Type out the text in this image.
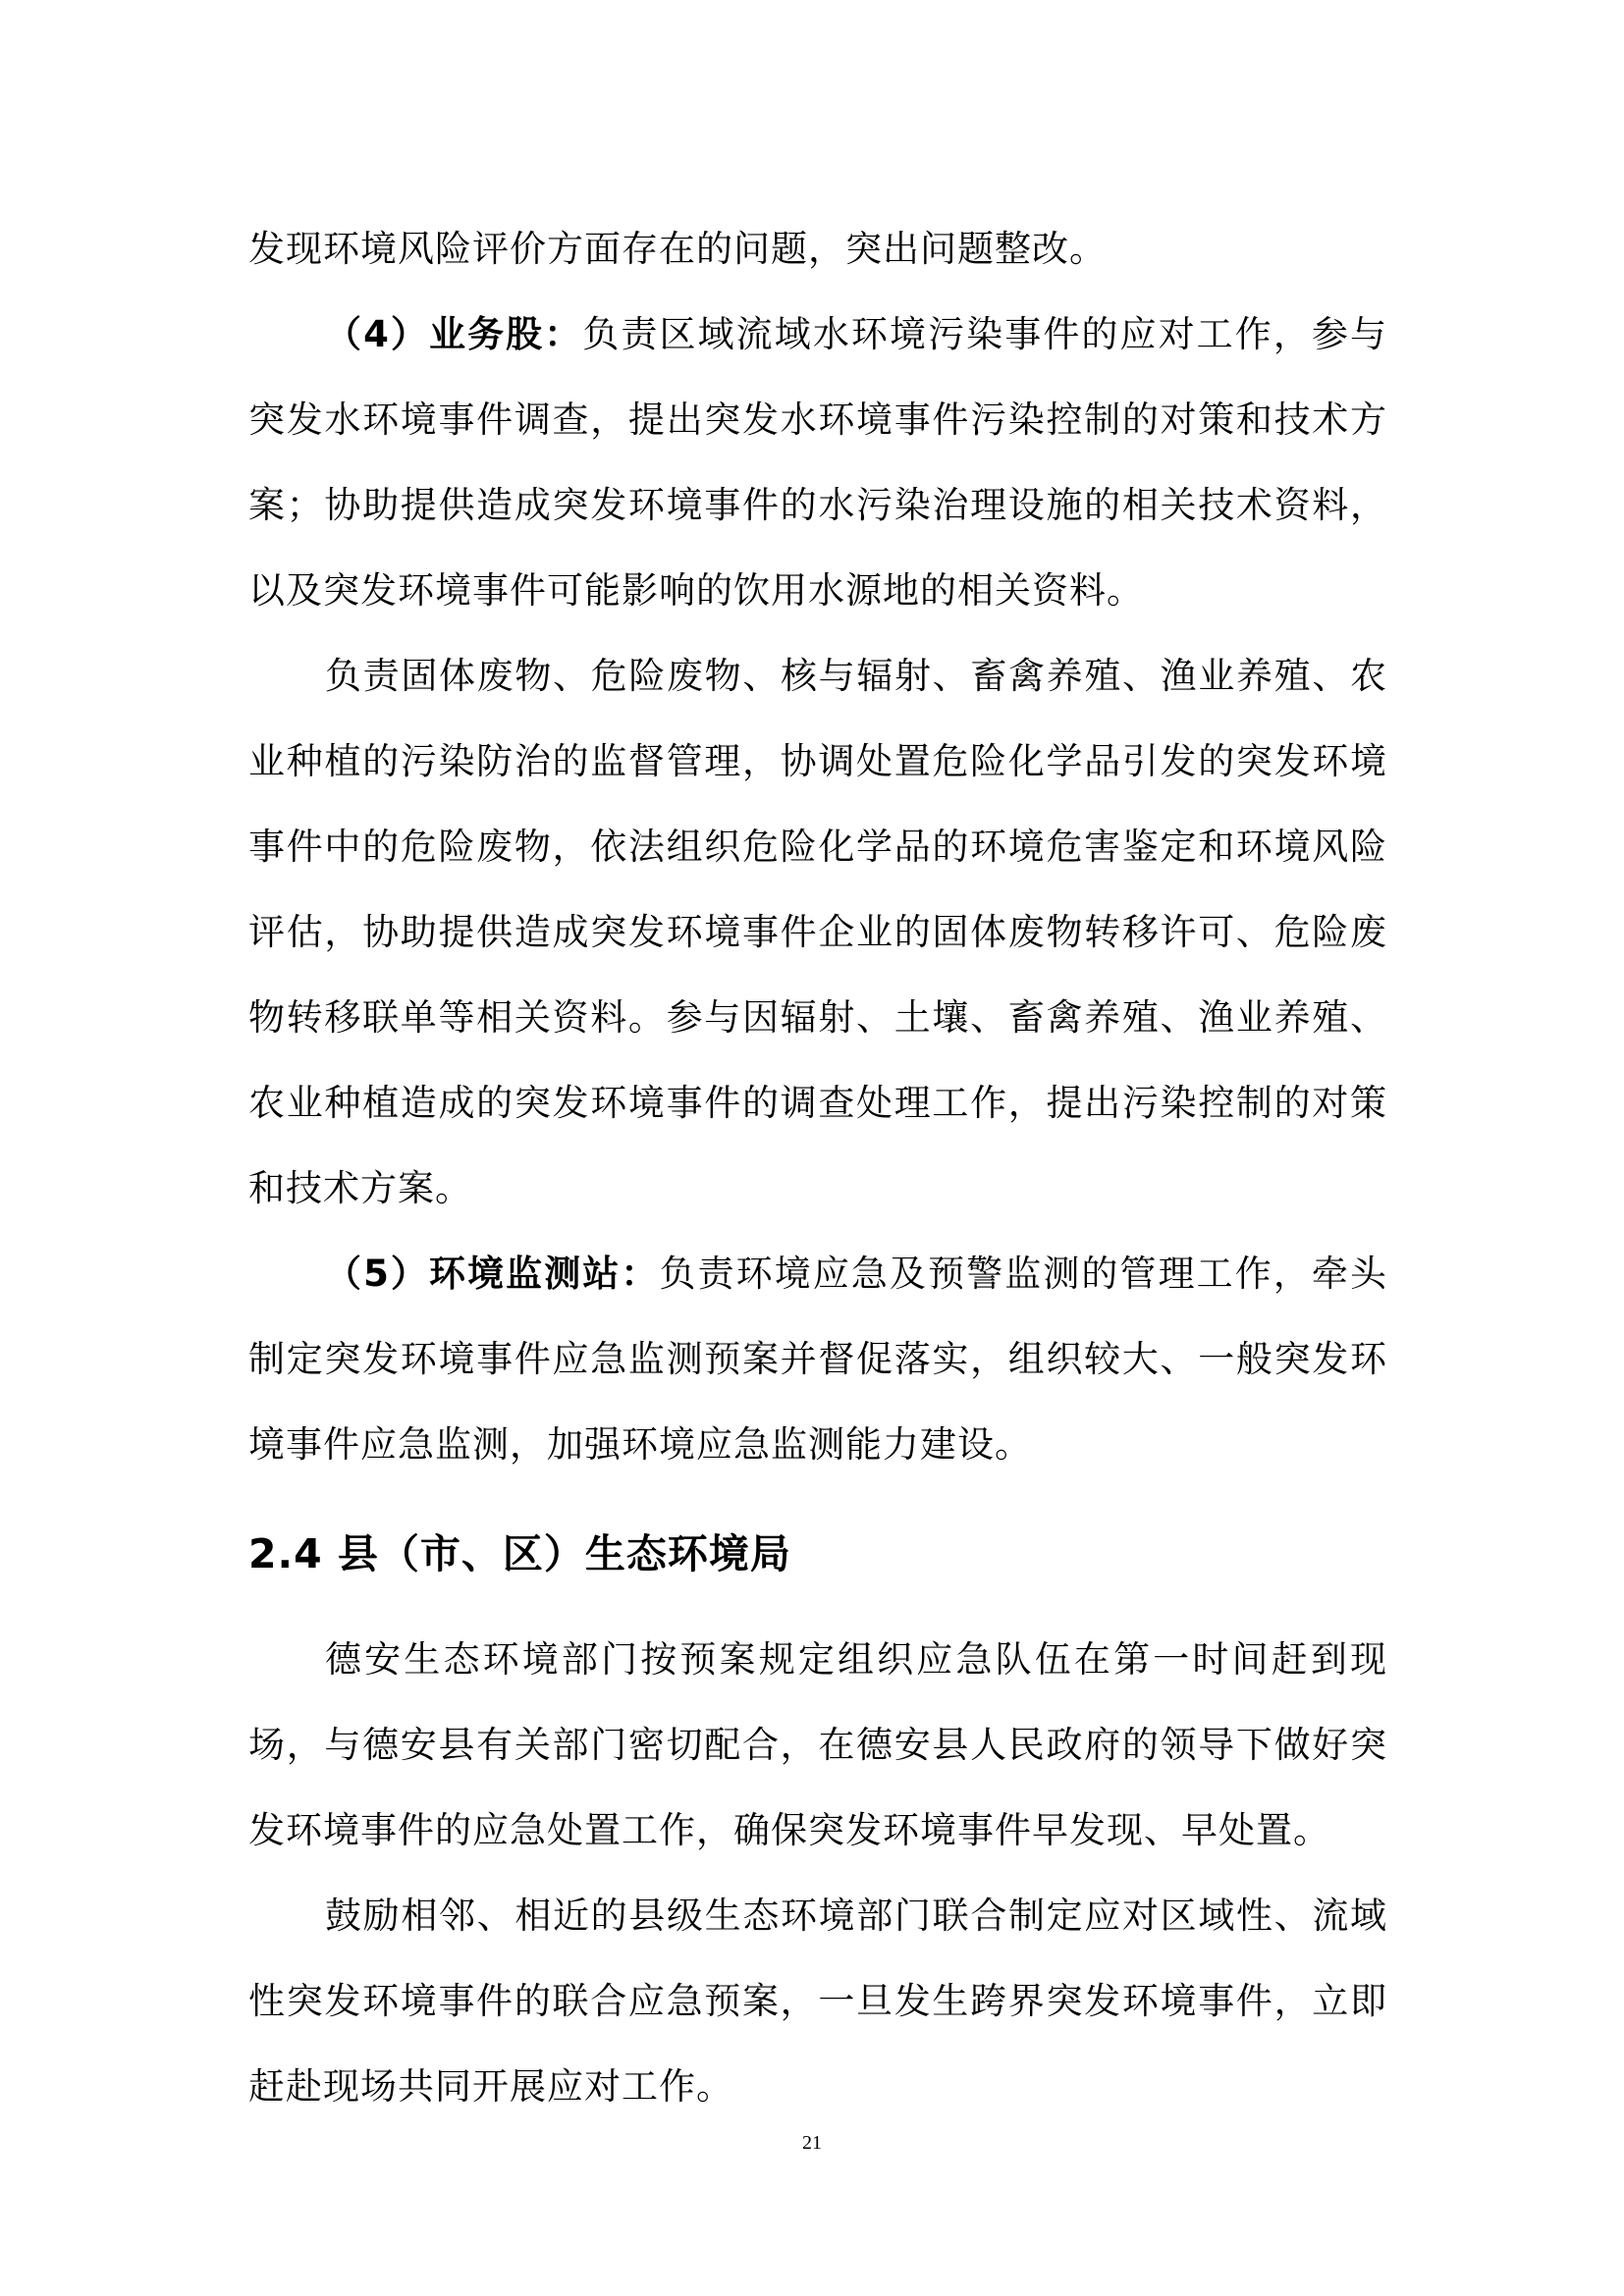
发现环境风险评价方面存在的问题，突出问题整改。

（4）业务股：负责区域流域水环境污染事件的应对工作，参与突发水环境事件调查，提出突发水环境事件污染控制的对策和技术方案；协助提供造成突发环境事件的水污染治理设施的相关技术资料，以及突发环境事件可能影响的饮用水源地的相关资料。

负责固体废物、危险废物、核与辐射、畜禽养殖、渔业养殖、农业种植的污染防治的监督管理，协调处置危险化学品引发的突发环境事件中的危险废物，依法组织危险化学品的环境危害鉴定和环境风险评估，协助提供造成突发环境事件企业的固体废物转移许可、危险废物转移联单等相关资料。参与因辐射、土壤、畜禽养殖、渔业养殖、农业种植造成的突发环境事件的调查处理工作，提出污染控制的对策和技术方案。

（5）环境监测站：负责环境应急及预警监测的管理工作，牵头制定突发环境事件应急监测预案并督促落实，组织较大、一般突发环境事件应急监测，加强环境应急监测能力建设。

2.4 县（市、区）生态环境局

德安生态环境部门按预案规定组织应急队伍在第一时间赶到现场，与德安县有关部门密切配合，在德安县人民政府的领导下做好突发环境事件的应急处置工作，确保突发环境事件早发现、早处置。

鼓励相邻、相近的县级生态环境部门联合制定应对区域性、流域性突发环境事件的联合应急预案，一旦发生跨界突发环境事件，立即赶赴现场共同开展应对工作。

21
